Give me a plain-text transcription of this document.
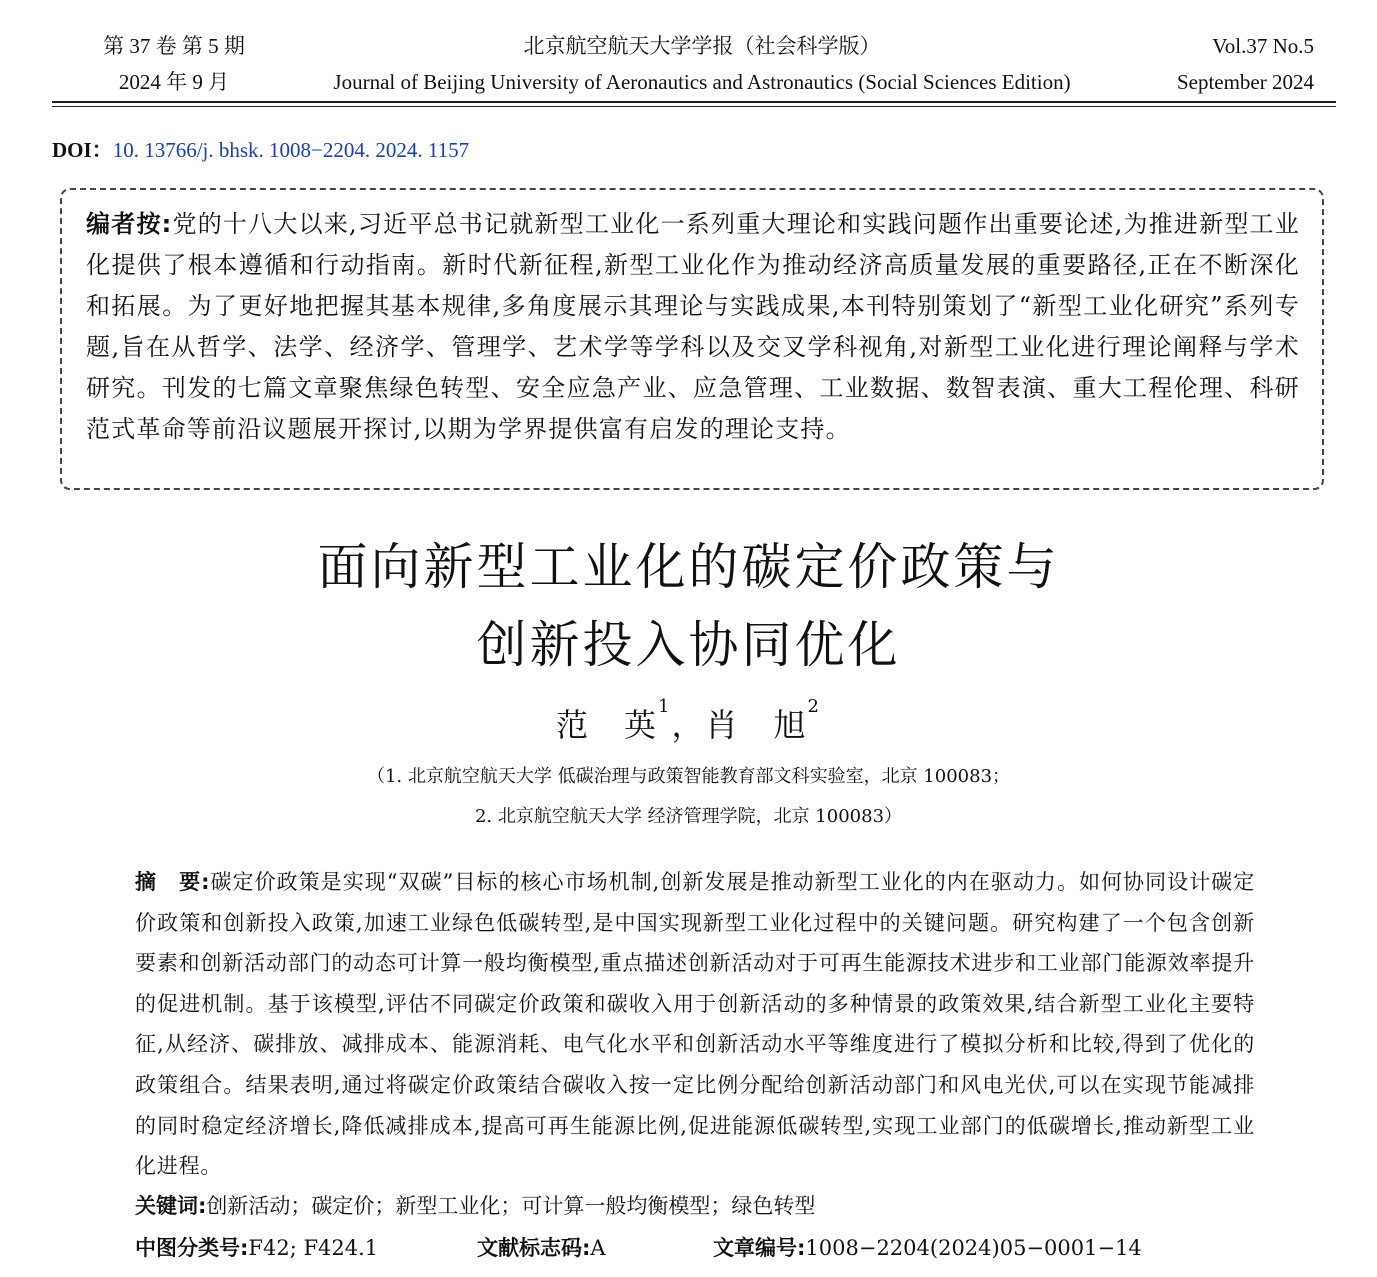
第 37 卷 第 5 期
2024 年 9 月
北京航空航天大学学报（社会科学版）
Journal of Beijing University of Aeronautics and Astronautics (Social Sciences Edition)
Vol.37 No.5
September 2024
DOI：10. 13766/j. bhsk. 1008−2204. 2024. 1157

编者按:党的十八大以来,习近平总书记就新型工业化一系列重大理论和实践问题作出重要论述,为推进新型工业化提供了根本遵循和行动指南。新时代新征程,新型工业化作为推动经济高质量发展的重要路径,正在不断深化和拓展。为了更好地把握其基本规律,多角度展示其理论与实践成果,本刊特别策划了“新型工业化研究”系列专题,旨在从哲学、法学、经济学、管理学、艺术学等学科以及交叉学科视角,对新型工业化进行理论阐释与学术研究。刊发的七篇文章聚焦绿色转型、安全应急产业、应急管理、工业数据、数智表演、重大工程伦理、科研范式革命等前沿议题展开探讨,以期为学界提供富有启发的理论支持。

面向新型工业化的碳定价政策与
创新投入协同优化
范　英$^1$，肖　旭$^2$
（1. 北京航空航天大学 低碳治理与政策智能教育部文科实验室，北京 100083；
2. 北京航空航天大学 经济管理学院，北京 100083）

摘　要:碳定价政策是实现“双碳”目标的核心市场机制,创新发展是推动新型工业化的内在驱动力。如何协同设计碳定价政策和创新投入政策,加速工业绿色低碳转型,是中国实现新型工业化过程中的关键问题。研究构建了一个包含创新要素和创新活动部门的动态可计算一般均衡模型,重点描述创新活动对于可再生能源技术进步和工业部门能源效率提升的促进机制。基于该模型,评估不同碳定价政策和碳收入用于创新活动的多种情景的政策效果,结合新型工业化主要特征,从经济、碳排放、减排成本、能源消耗、电气化水平和创新活动水平等维度进行了模拟分析和比较,得到了优化的政策组合。结果表明,通过将碳定价政策结合碳收入按一定比例分配给创新活动部门和风电光伏,可以在实现节能减排的同时稳定经济增长,降低减排成本,提高可再生能源比例,促进能源低碳转型,实现工业部门的低碳增长,推动新型工业化进程。

关键词:创新活动；碳定价；新型工业化；可计算一般均衡模型；绿色转型
中图分类号:F42; F424.1	文献标志码:A	文章编号:1008−2204(2024)05−0001−14
